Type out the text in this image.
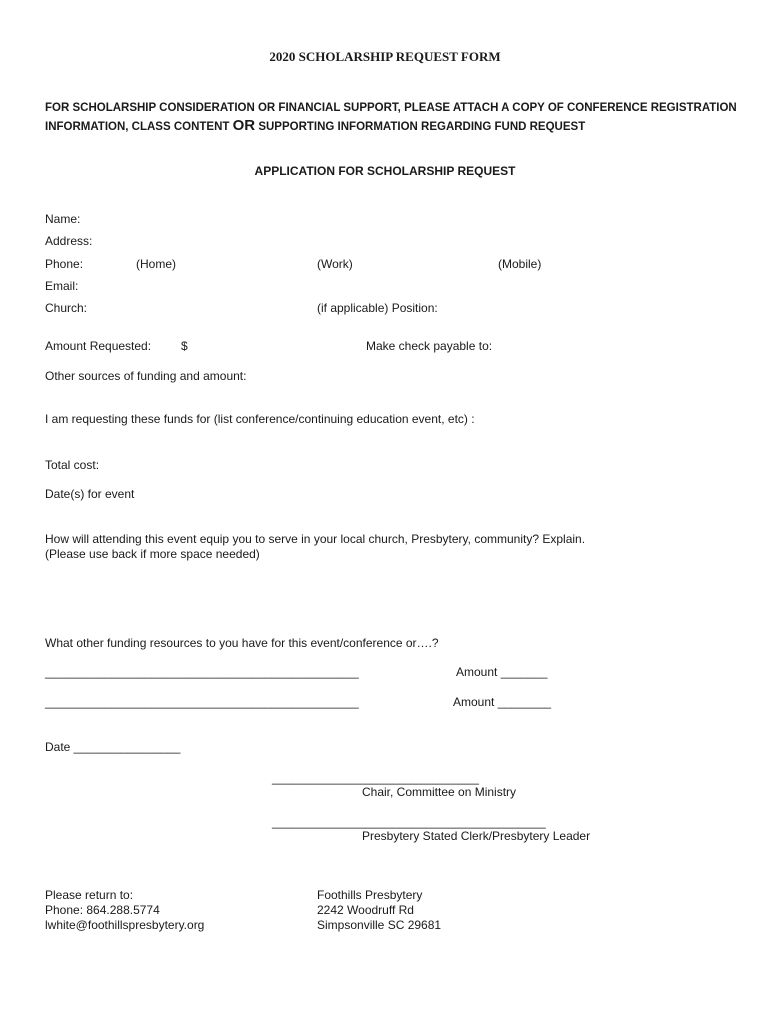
2020 SCHOLARSHIP REQUEST FORM
FOR SCHOLARSHIP CONSIDERATION OR FINANCIAL SUPPORT, PLEASE ATTACH A COPY OF CONFERENCE REGISTRATION INFORMATION, CLASS CONTENT OR SUPPORTING INFORMATION REGARDING FUND REQUEST
APPLICATION FOR SCHOLARSHIP REQUEST
Name:
Address:
Phone:	(Home)	(Work)	(Mobile)
Email:
Church:	(if applicable) Position:
Amount Requested: $	Make check payable to:
Other sources of funding and amount:
I am requesting these funds for (list conference/continuing education event, etc) :
Total cost:
Date(s) for event
How will attending this event equip you to serve in your local church, Presbytery, community? Explain.
(Please use back if more space needed)
What other funding resources to you have for this event/conference or….?
_______________________________________________	Amount _______
_______________________________________________	Amount ________
Date ________________
_______________________________
Chair, Committee on Ministry
_________________________________________
Presbytery Stated Clerk/Presbytery Leader
Please return to:
Phone: 864.288.5774
lwhite@foothillspresbytery.org
Foothills Presbytery
2242 Woodruff Rd
Simpsonville SC 29681
